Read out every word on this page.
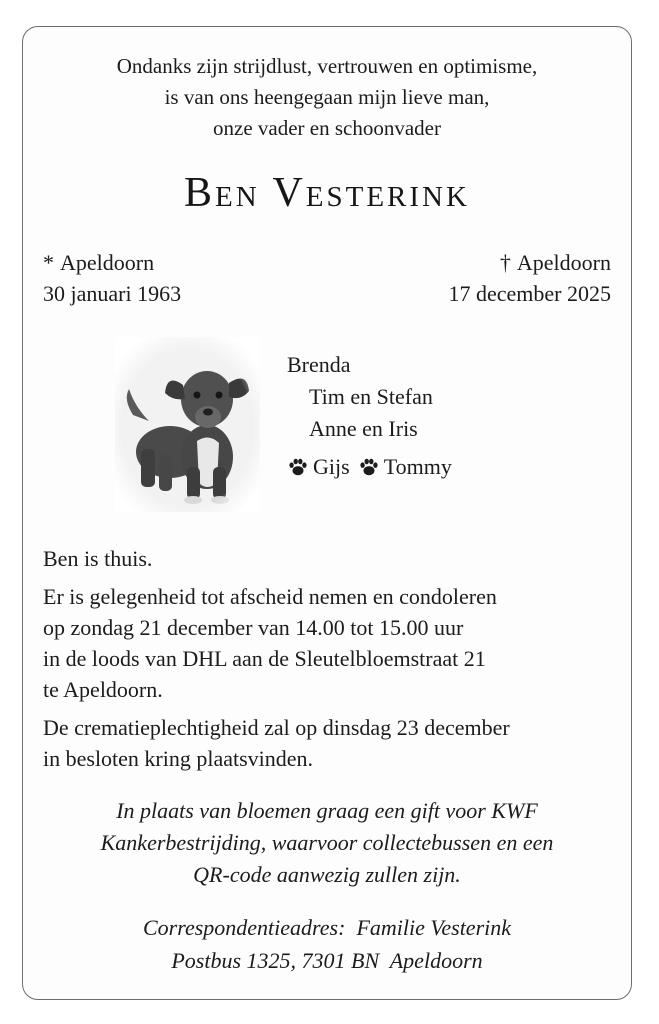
Ondanks zijn strijdlust, vertrouwen en optimisme,
is van ons heengegaan mijn lieve man,
onze vader en schoonvader
Ben Vesterink
* Apeldoorn
30 januari 1963
† Apeldoorn
17 december 2025
Brenda
Tim en Stefan
Anne en Iris
Gijs Tommy
Ben is thuis.
Er is gelegenheid tot afscheid nemen en condoleren
op zondag 21 december van 14.00 tot 15.00 uur
in de loods van DHL aan de Sleutelbloemstraat 21
te Apeldoorn.
De crematieplechtigheid zal op dinsdag 23 december
in besloten kring plaatsvinden.
In plaats van bloemen graag een gift voor KWF
Kankerbestrijding, waarvoor collectebussen en een
QR-code aanwezig zullen zijn.
Correspondentieadres:  Familie Vesterink
Postbus 1325, 7301 BN  Apeldoorn
